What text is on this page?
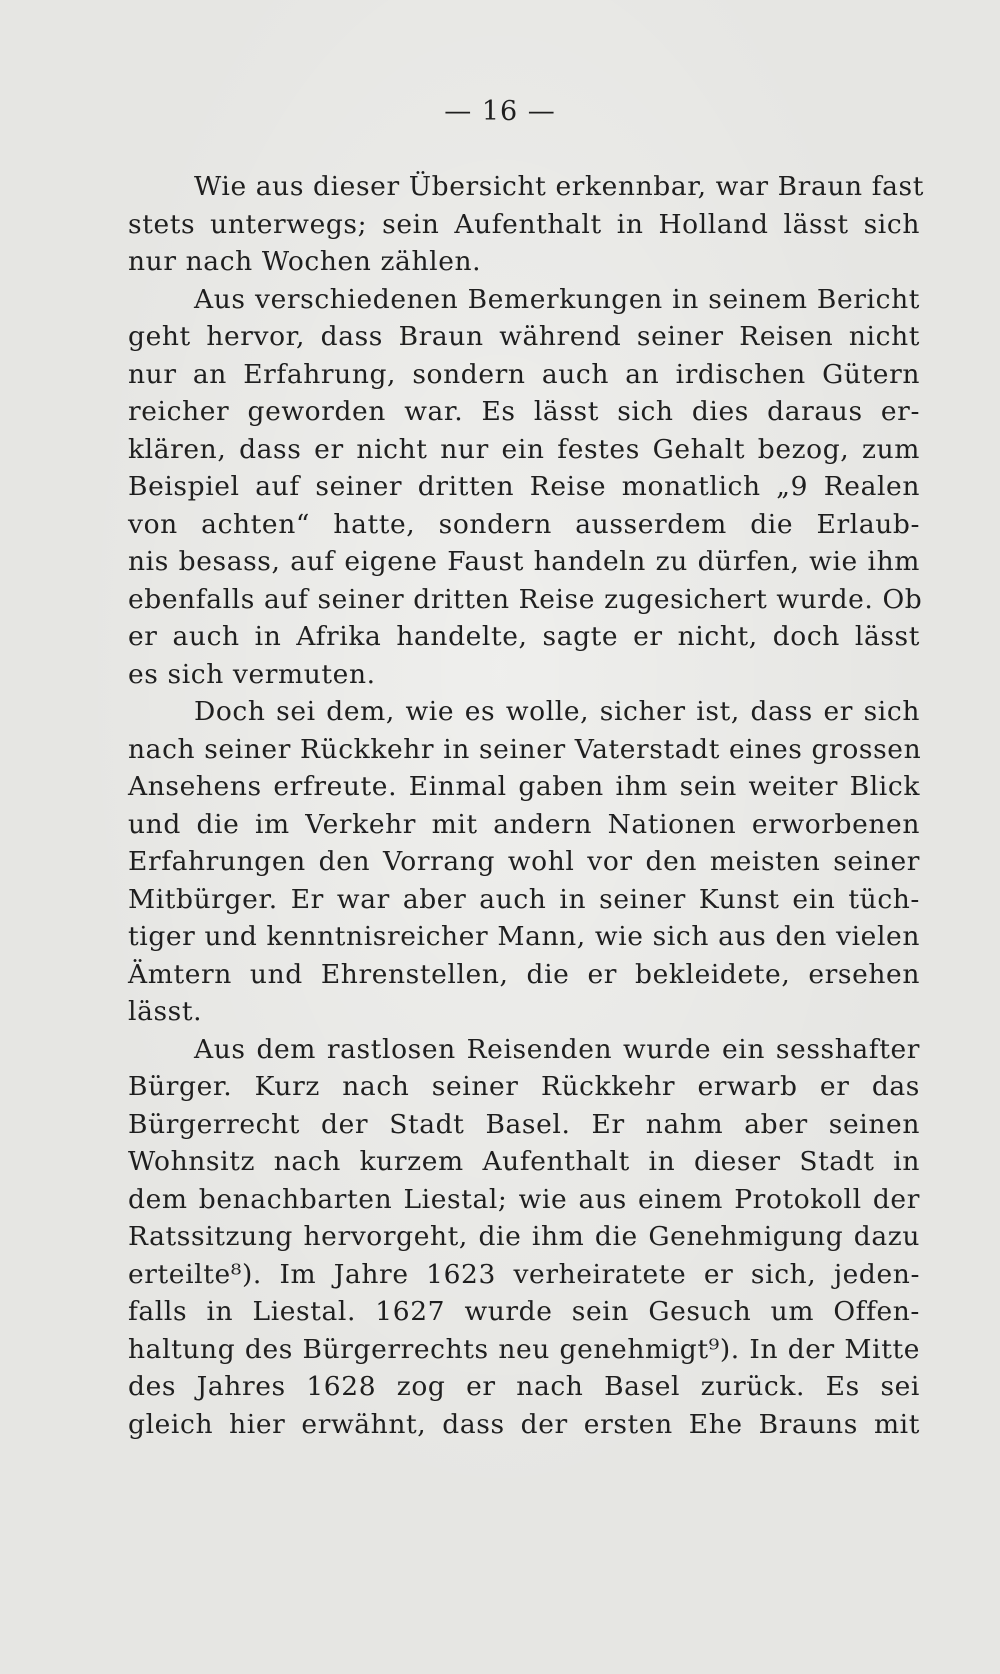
— 16 —
Wie aus dieser Übersicht erkennbar, war Braun fast
stets unterwegs; sein Aufenthalt in Holland lässt sich
nur nach Wochen zählen.
Aus verschiedenen Bemerkungen in seinem Bericht
geht hervor, dass Braun während seiner Reisen nicht
nur an Erfahrung, sondern auch an irdischen Gütern
reicher geworden war. Es lässt sich dies daraus er-
klären, dass er nicht nur ein festes Gehalt bezog, zum
Beispiel auf seiner dritten Reise monatlich „9 Realen
von achten“ hatte, sondern ausserdem die Erlaub-
nis besass, auf eigene Faust handeln zu dürfen, wie ihm
ebenfalls auf seiner dritten Reise zugesichert wurde. Ob
er auch in Afrika handelte, sagte er nicht, doch lässt
es sich vermuten.
Doch sei dem, wie es wolle, sicher ist, dass er sich
nach seiner Rückkehr in seiner Vaterstadt eines grossen
Ansehens erfreute. Einmal gaben ihm sein weiter Blick
und die im Verkehr mit andern Nationen erworbenen
Erfahrungen den Vorrang wohl vor den meisten seiner
Mitbürger. Er war aber auch in seiner Kunst ein tüch-
tiger und kenntnisreicher Mann, wie sich aus den vielen
Ämtern und Ehrenstellen, die er bekleidete, ersehen
lässt.
Aus dem rastlosen Reisenden wurde ein sesshafter
Bürger. Kurz nach seiner Rückkehr erwarb er das
Bürgerrecht der Stadt Basel. Er nahm aber seinen
Wohnsitz nach kurzem Aufenthalt in dieser Stadt in
dem benachbarten Liestal; wie aus einem Protokoll der
Ratssitzung hervorgeht, die ihm die Genehmigung dazu
erteilte⁸). Im Jahre 1623 verheiratete er sich, jeden-
falls in Liestal. 1627 wurde sein Gesuch um Offen-
haltung des Bürgerrechts neu genehmigt⁹). In der Mitte
des Jahres 1628 zog er nach Basel zurück. Es sei
gleich hier erwähnt, dass der ersten Ehe Brauns mit
